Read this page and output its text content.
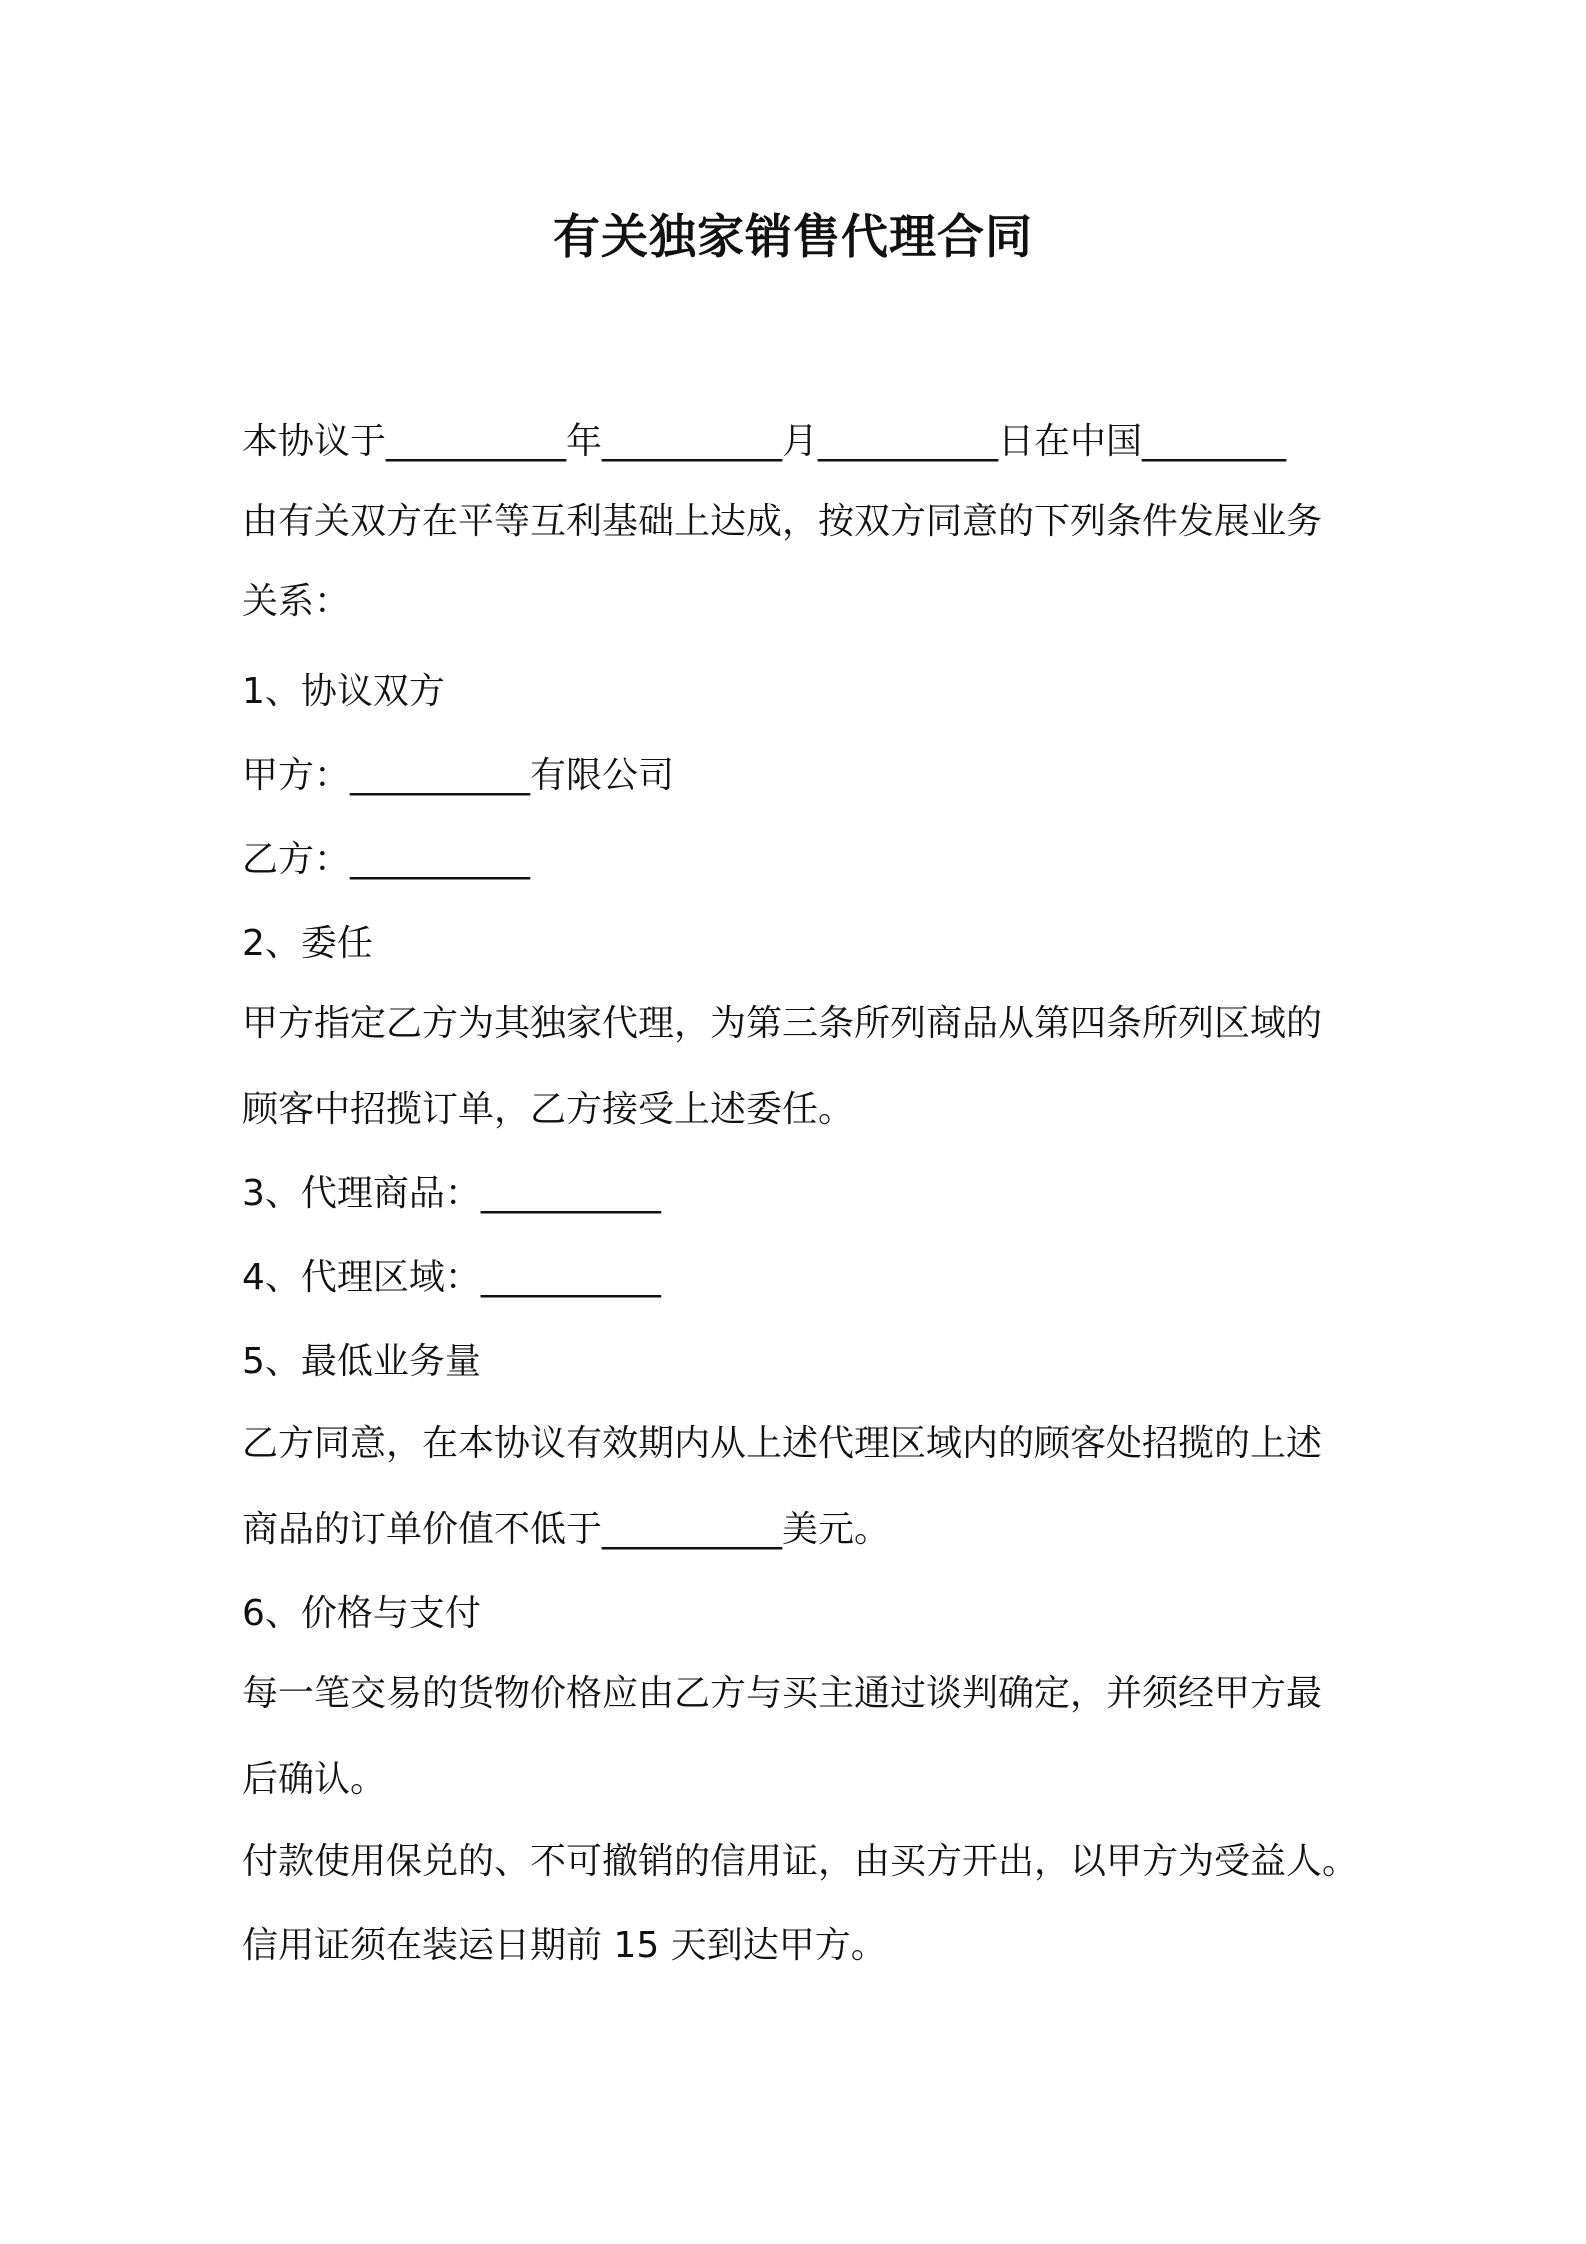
有关独家销售代理合同

本协议于__________年__________月__________日在中国________

由有关双方在平等互利基础上达成，按双方同意的下列条件发展业务

关系：

1、协议双方

甲方：__________有限公司

乙方：__________

2、委任

甲方指定乙方为其独家代理，为第三条所列商品从第四条所列区域的

顾客中招揽订单，乙方接受上述委任。

3、代理商品：__________

4、代理区域：__________

5、最低业务量

乙方同意，在本协议有效期内从上述代理区域内的顾客处招揽的上述

商品的订单价值不低于__________美元。

6、价格与支付

每一笔交易的货物价格应由乙方与买主通过谈判确定，并须经甲方最

后确认。

付款使用保兑的、不可撤销的信用证，由买方开出，以甲方为受益人。

信用证须在装运日期前 15 天到达甲方。
